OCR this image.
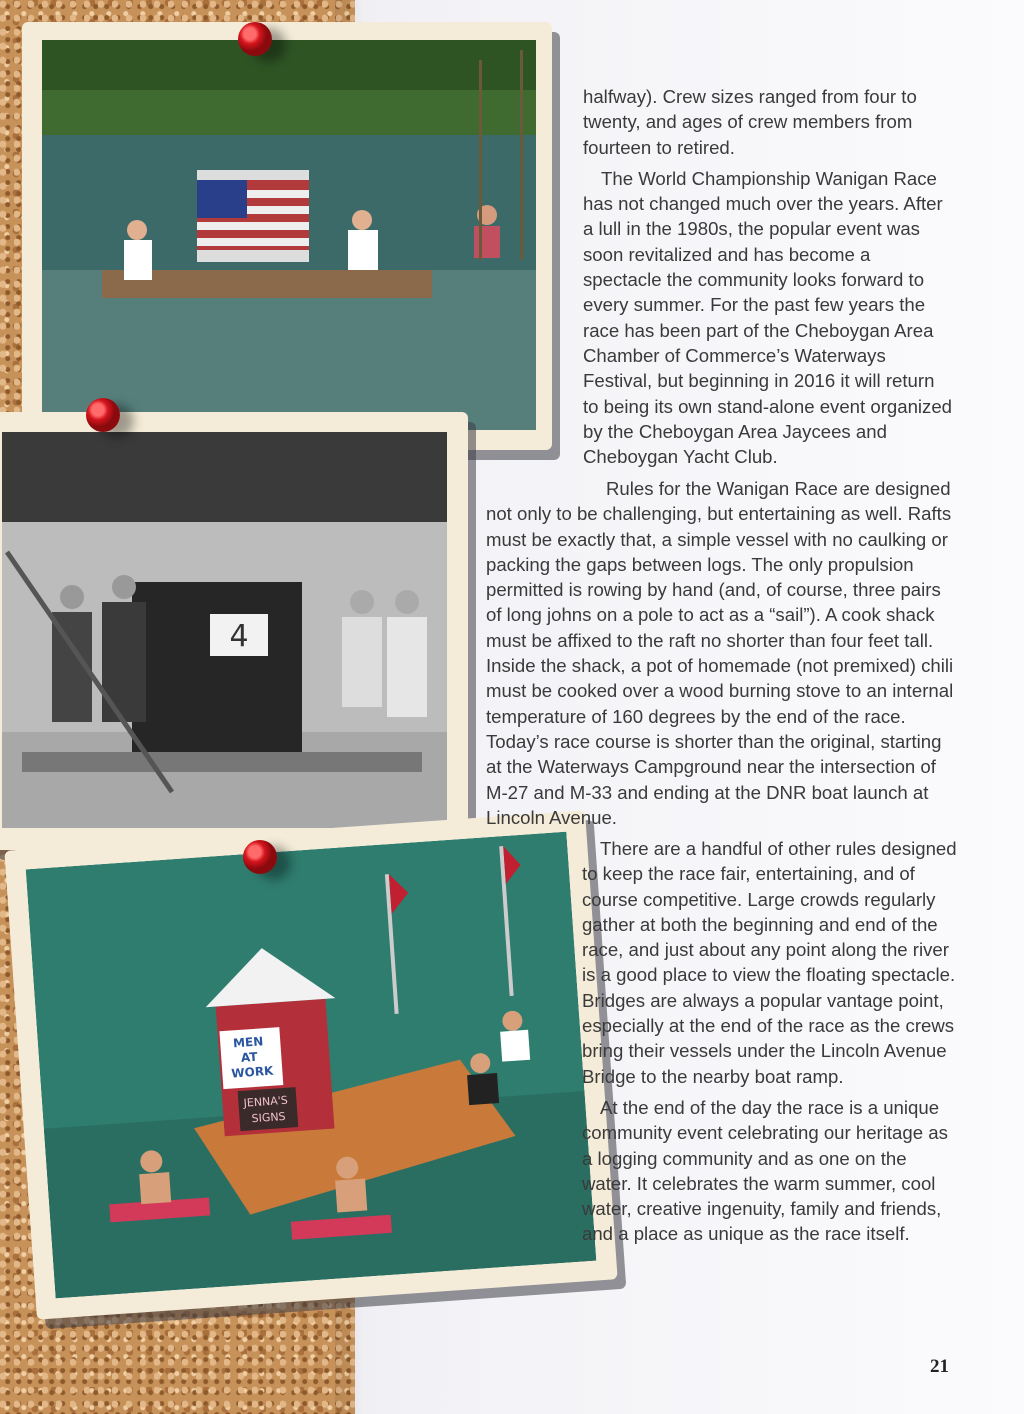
4
MEN AT WORK
JENNA'S SIGNS

halfway). Crew sizes ranged from four to twenty, and ages of crew members from fourteen to retired.

The World Championship Wanigan Race has not changed much over the years. After a lull in the 1980s, the popular event was soon revitalized and has become a spectacle the community looks forward to every summer. For the past few years the race has been part of the Cheboygan Area Chamber of Commerce’s Waterways Festival, but beginning in 2016 it will return to being its own stand-alone event organized by the Cheboygan Area Jaycees and Cheboygan Yacht Club.

Rules for the Wanigan Race are designed not only to be challenging, but entertaining as well. Rafts must be exactly that, a simple vessel with no caulking or packing the gaps between logs. The only propulsion permitted is rowing by hand (and, of course, three pairs of long johns on a pole to act as a “sail”). A cook shack must be affixed to the raft no shorter than four feet tall. Inside the shack, a pot of homemade (not premixed) chili must be cooked over a wood burning stove to an internal temperature of 160 degrees by the end of the race. Today’s race course is shorter than the original, starting at the Waterways Campground near the intersection of M-27 and M-33 and ending at the DNR boat launch at Lincoln Avenue.

There are a handful of other rules designed to keep the race fair, entertaining, and of course competitive. Large crowds regularly gather at both the beginning and end of the race, and just about any point along the river is a good place to view the floating spectacle. Bridges are always a popular vantage point, especially at the end of the race as the crews bring their vessels under the Lincoln Avenue Bridge to the nearby boat ramp.

At the end of the day the race is a unique community event celebrating our heritage as a logging community and as one on the water. It celebrates the warm summer, cool water, creative ingenuity, family and friends, and a place as unique as the race itself.

21
